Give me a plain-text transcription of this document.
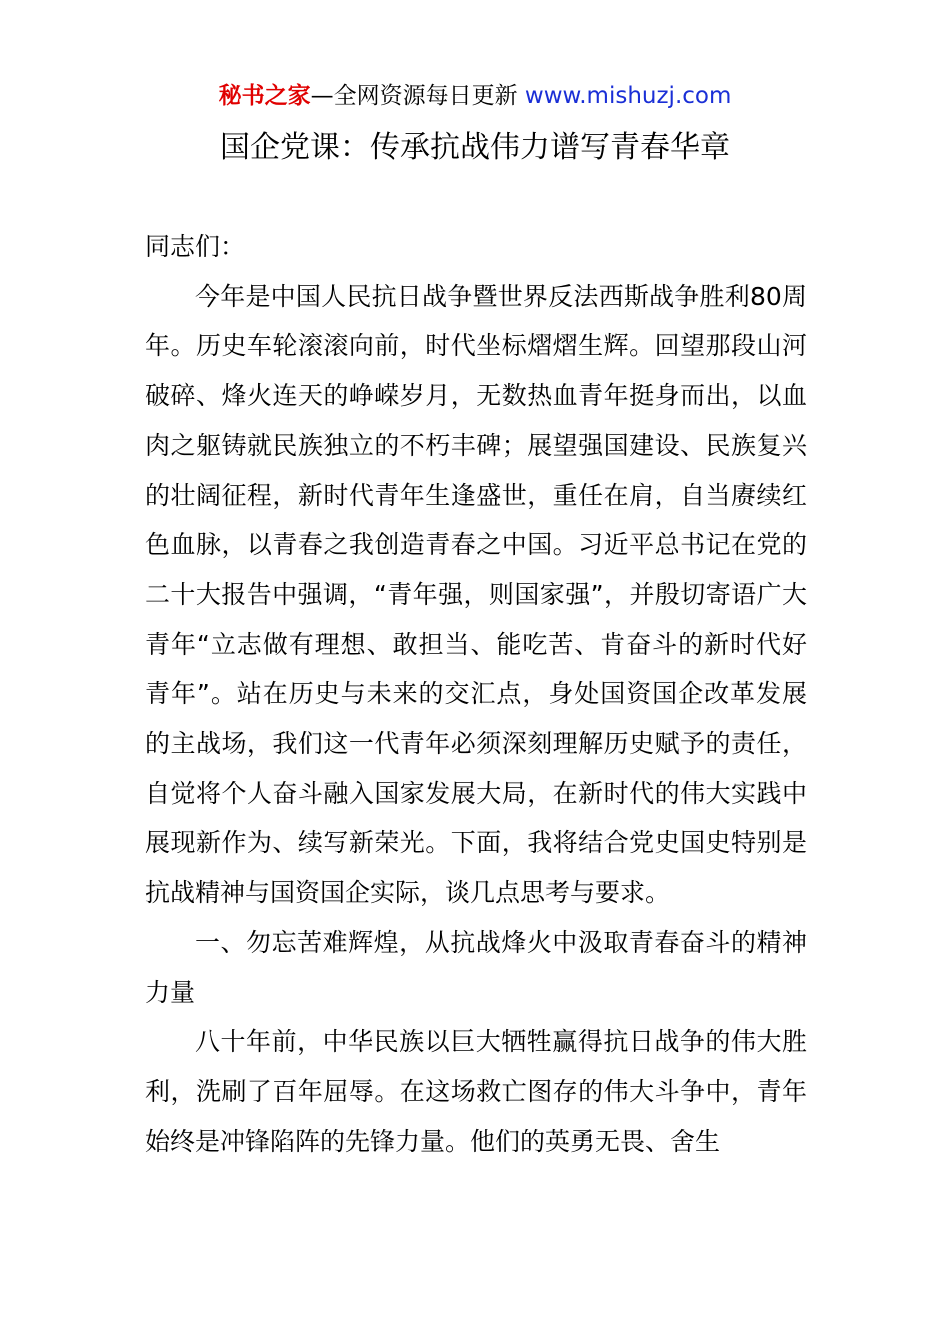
秘书之家—全网资源每日更新 www.mishuzj.com
国企党课：传承抗战伟力谱写青春华章

同志们：

今年是中国人民抗日战争暨世界反法西斯战争胜利80周年。历史车轮滚滚向前，时代坐标熠熠生辉。回望那段山河破碎、烽火连天的峥嵘岁月，无数热血青年挺身而出，以血肉之躯铸就民族独立的不朽丰碑；展望强国建设、民族复兴的壮阔征程，新时代青年生逢盛世，重任在肩，自当赓续红色血脉，以青春之我创造青春之中国。习近平总书记在党的二十大报告中强调，“青年强，则国家强”，并殷切寄语广大青年“立志做有理想、敢担当、能吃苦、肯奋斗的新时代好青年”。站在历史与未来的交汇点，身处国资国企改革发展的主战场，我们这一代青年必须深刻理解历史赋予的责任，自觉将个人奋斗融入国家发展大局，在新时代的伟大实践中展现新作为、续写新荣光。下面，我将结合党史国史特别是抗战精神与国资国企实际，谈几点思考与要求。

一、勿忘苦难辉煌，从抗战烽火中汲取青春奋斗的精神力量

八十年前，中华民族以巨大牺牲赢得抗日战争的伟大胜利，洗刷了百年屈辱。在这场救亡图存的伟大斗争中，青年始终是冲锋陷阵的先锋力量。他们的英勇无畏、舍生
